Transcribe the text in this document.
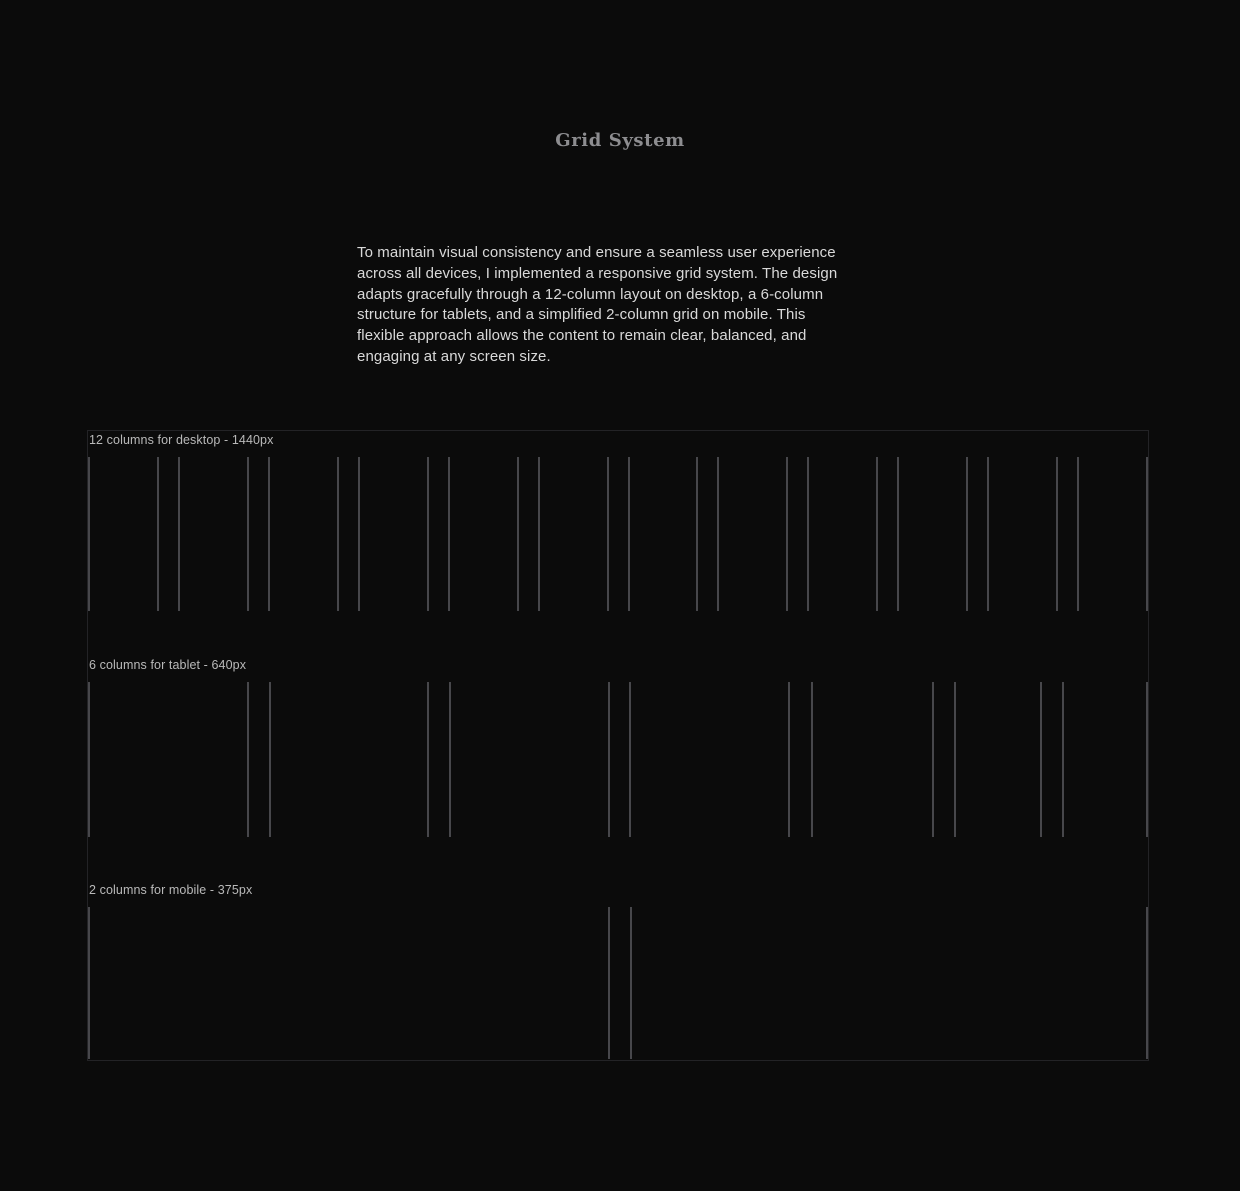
Grid System

To maintain visual consistency and ensure a seamless user experience across all devices, I implemented a responsive grid system. The design adapts gracefully through a 12-column layout on desktop, a 6-column structure for tablets, and a simplified 2-column grid on mobile. This flexible approach allows the content to remain clear, balanced, and engaging at any screen size.

12 columns for desktop - 1440px
6 columns for tablet - 640px
2 columns for mobile - 375px
